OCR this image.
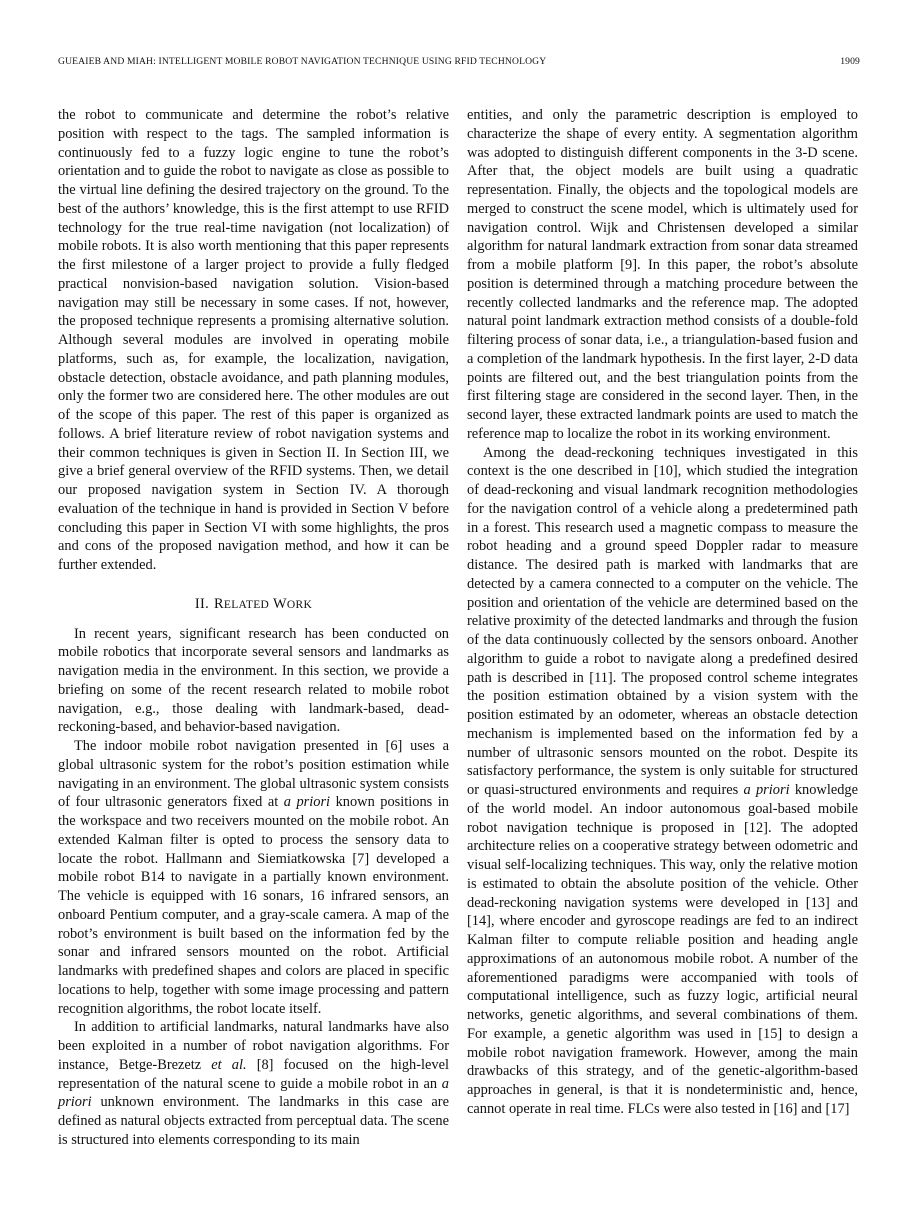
GUEAIEB AND MIAH: INTELLIGENT MOBILE ROBOT NAVIGATION TECHNIQUE USING RFID TECHNOLOGY	1909

the robot to communicate and determine the robot’s relative position with respect to the tags. The sampled information is continuously fed to a fuzzy logic engine to tune the robot’s orientation and to guide the robot to navigate as close as possible to the virtual line defining the desired trajectory on the ground. To the best of the authors’ knowledge, this is the first attempt to use RFID technology for the true real-time navigation (not localization) of mobile robots. It is also worth mentioning that this paper represents the first milestone of a larger project to provide a fully fledged practical nonvision-based navigation solution. Vision-based navigation may still be necessary in some cases. If not, however, the proposed technique represents a promising alternative solution. Although several modules are involved in operating mobile platforms, such as, for example, the localization, navigation, obstacle detection, obstacle avoidance, and path planning modules, only the former two are considered here. The other modules are out of the scope of this paper. The rest of this paper is organized as follows. A brief literature review of robot navigation systems and their common techniques is given in Section II. In Section III, we give a brief general overview of the RFID systems. Then, we detail our proposed navigation system in Section IV. A thorough evaluation of the technique in hand is provided in Section V before concluding this paper in Section VI with some highlights, the pros and cons of the proposed navigation method, and how it can be further extended.

II. RELATED WORK

In recent years, significant research has been conducted on mobile robotics that incorporate several sensors and landmarks as navigation media in the environment. In this section, we provide a briefing on some of the recent research related to mobile robot navigation, e.g., those dealing with landmark-based, dead-reckoning-based, and behavior-based navigation.

The indoor mobile robot navigation presented in [6] uses a global ultrasonic system for the robot’s position estimation while navigating in an environment. The global ultrasonic system consists of four ultrasonic generators fixed at a priori known positions in the workspace and two receivers mounted on the mobile robot. An extended Kalman filter is opted to process the sensory data to locate the robot. Hallmann and Siemiatkowska [7] developed a mobile robot B14 to navigate in a partially known environment. The vehicle is equipped with 16 sonars, 16 infrared sensors, an onboard Pentium computer, and a gray-scale camera. A map of the robot’s environment is built based on the information fed by the sonar and infrared sensors mounted on the robot. Artificial landmarks with predefined shapes and colors are placed in specific locations to help, together with some image processing and pattern recognition algorithms, the robot locate itself.

In addition to artificial landmarks, natural landmarks have also been exploited in a number of robot navigation algorithms. For instance, Betge-Brezetz et al. [8] focused on the high-level representation of the natural scene to guide a mobile robot in an a priori unknown environment. The landmarks in this case are defined as natural objects extracted from perceptual data. The scene is structured into elements corresponding to its main

entities, and only the parametric description is employed to characterize the shape of every entity. A segmentation algorithm was adopted to distinguish different components in the 3-D scene. After that, the object models are built using a quadratic representation. Finally, the objects and the topological models are merged to construct the scene model, which is ultimately used for navigation control. Wijk and Christensen developed a similar algorithm for natural landmark extraction from sonar data streamed from a mobile platform [9]. In this paper, the robot’s absolute position is determined through a matching procedure between the recently collected landmarks and the reference map. The adopted natural point landmark extraction method consists of a double-fold filtering process of sonar data, i.e., a triangulation-based fusion and a completion of the landmark hypothesis. In the first layer, 2-D data points are filtered out, and the best triangulation points from the first filtering stage are considered in the second layer. Then, in the second layer, these extracted landmark points are used to match the reference map to localize the robot in its working environment.

Among the dead-reckoning techniques investigated in this context is the one described in [10], which studied the integration of dead-reckoning and visual landmark recognition methodologies for the navigation control of a vehicle along a predetermined path in a forest. This research used a magnetic compass to measure the robot heading and a ground speed Doppler radar to measure distance. The desired path is marked with landmarks that are detected by a camera connected to a computer on the vehicle. The position and orientation of the vehicle are determined based on the relative proximity of the detected landmarks and through the fusion of the data continuously collected by the sensors onboard. Another algorithm to guide a robot to navigate along a predefined desired path is described in [11]. The proposed control scheme integrates the position estimation obtained by a vision system with the position estimated by an odometer, whereas an obstacle detection mechanism is implemented based on the information fed by a number of ultrasonic sensors mounted on the robot. Despite its satisfactory performance, the system is only suitable for structured or quasi-structured environments and requires a priori knowledge of the world model. An indoor autonomous goal-based mobile robot navigation technique is proposed in [12]. The adopted architecture relies on a cooperative strategy between odometric and visual self-localizing techniques. This way, only the relative motion is estimated to obtain the absolute position of the vehicle. Other dead-reckoning navigation systems were developed in [13] and [14], where encoder and gyroscope readings are fed to an indirect Kalman filter to compute reliable position and heading angle approximations of an autonomous mobile robot. A number of the aforementioned paradigms were accompanied with tools of computational intelligence, such as fuzzy logic, artificial neural networks, genetic algorithms, and several combinations of them. For example, a genetic algorithm was used in [15] to design a mobile robot navigation framework. However, among the main drawbacks of this strategy, and of the genetic-algorithm-based approaches in general, is that it is nondeterministic and, hence, cannot operate in real time. FLCs were also tested in [16] and [17]
